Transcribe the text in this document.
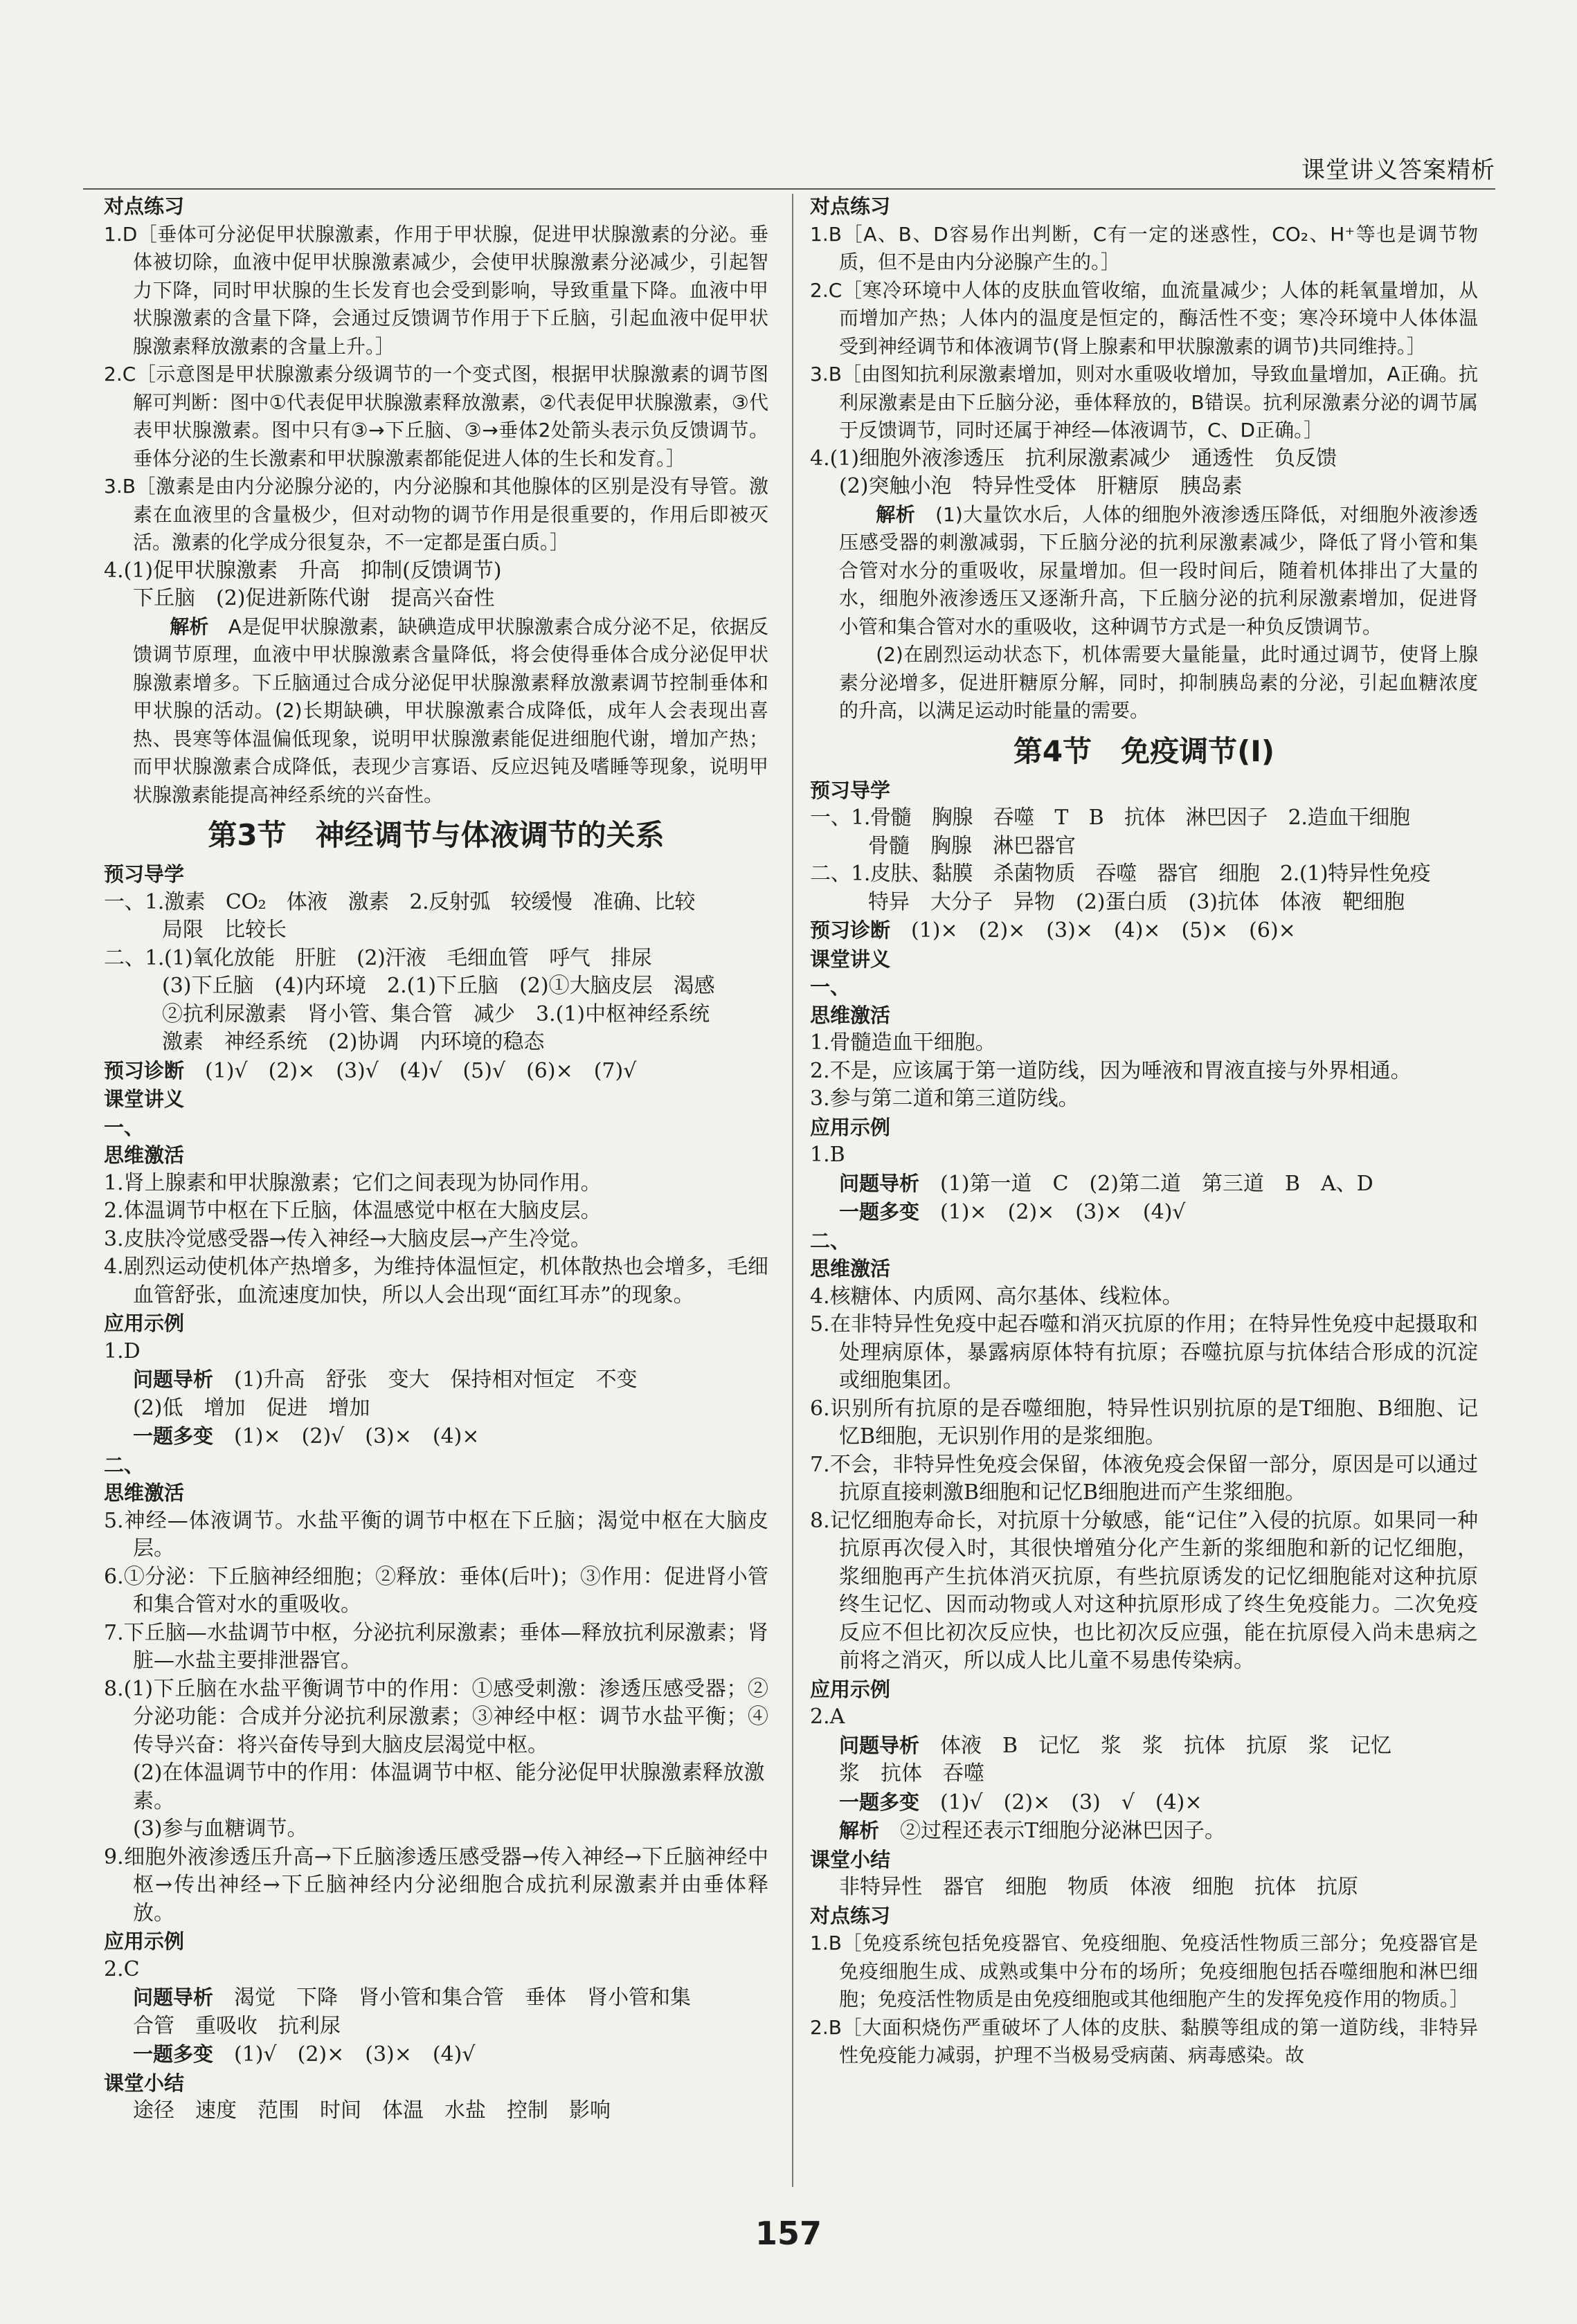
课堂讲义答案精析
对点练习
1.D［垂体可分泌促甲状腺激素，作用于甲状腺，促进甲状腺激素的分泌。垂体被切除，血液中促甲状腺激素减少，会使甲状腺激素分泌减少，引起智力下降，同时甲状腺的生长发育也会受到影响，导致重量下降。血液中甲状腺激素的含量下降，会通过反馈调节作用于下丘脑，引起血液中促甲状腺激素释放激素的含量上升。］
2.C［示意图是甲状腺激素分级调节的一个变式图，根据甲状腺激素的调节图解可判断：图中①代表促甲状腺激素释放激素，②代表促甲状腺激素，③代表甲状腺激素。图中只有③→下丘脑、③→垂体2处箭头表示负反馈调节。垂体分泌的生长激素和甲状腺激素都能促进人体的生长和发育。］
3.B［激素是由内分泌腺分泌的，内分泌腺和其他腺体的区别是没有导管。激素在血液里的含量极少，但对动物的调节作用是很重要的，作用后即被灭活。激素的化学成分很复杂，不一定都是蛋白质。］
4.(1)促甲状腺激素　升高　抑制(反馈调节)
下丘脑　(2)促进新陈代谢　提高兴奋性
解析　A是促甲状腺激素，缺碘造成甲状腺激素合成分泌不足，依据反馈调节原理，血液中甲状腺激素含量降低，将会使得垂体合成分泌促甲状腺激素增多。下丘脑通过合成分泌促甲状腺激素释放激素调节控制垂体和甲状腺的活动。(2)长期缺碘，甲状腺激素合成降低，成年人会表现出喜热、畏寒等体温偏低现象，说明甲状腺激素能促进细胞代谢，增加产热；而甲状腺激素合成降低，表现少言寡语、反应迟钝及嗜睡等现象，说明甲状腺激素能提高神经系统的兴奋性。
第3节　神经调节与体液调节的关系
预习导学
一、1.激素　CO₂　体液　激素　2.反射弧　较缓慢　准确、比较
局限　比较长
二、1.(1)氧化放能　肝脏　(2)汗液　毛细血管　呼气　排尿
(3)下丘脑　(4)内环境　2.(1)下丘脑　(2)①大脑皮层　渴感
②抗利尿激素　肾小管、集合管　减少　3.(1)中枢神经系统
激素　神经系统　(2)协调　内环境的稳态
预习诊断　(1)√　(2)×　(3)√　(4)√　(5)√　(6)×　(7)√
课堂讲义
一、
思维激活
1.肾上腺素和甲状腺激素；它们之间表现为协同作用。
2.体温调节中枢在下丘脑，体温感觉中枢在大脑皮层。
3.皮肤冷觉感受器→传入神经→大脑皮层→产生冷觉。
4.剧烈运动使机体产热增多，为维持体温恒定，机体散热也会增多，毛细血管舒张，血流速度加快，所以人会出现“面红耳赤”的现象。
应用示例
1.D
问题导析　(1)升高　舒张　变大　保持相对恒定　不变
(2)低　增加　促进　增加
一题多变　(1)×　(2)√　(3)×　(4)×
二、
思维激活
5.神经—体液调节。水盐平衡的调节中枢在下丘脑；渴觉中枢在大脑皮层。
6.①分泌：下丘脑神经细胞；②释放：垂体(后叶)；③作用：促进肾小管和集合管对水的重吸收。
7.下丘脑—水盐调节中枢，分泌抗利尿激素；垂体—释放抗利尿激素；肾脏—水盐主要排泄器官。
8.(1)下丘脑在水盐平衡调节中的作用：①感受刺激：渗透压感受器；②分泌功能：合成并分泌抗利尿激素；③神经中枢：调节水盐平衡；④传导兴奋：将兴奋传导到大脑皮层渴觉中枢。
(2)在体温调节中的作用：体温调节中枢、能分泌促甲状腺激素释放激素。
(3)参与血糖调节。
9.细胞外液渗透压升高→下丘脑渗透压感受器→传入神经→下丘脑神经中枢→传出神经→下丘脑神经内分泌细胞合成抗利尿激素并由垂体释放。
应用示例
2.C
问题导析　渴觉　下降　肾小管和集合管　垂体　肾小管和集
合管　重吸收　抗利尿
一题多变　(1)√　(2)×　(3)×　(4)√
课堂小结
途径　速度　范围　时间　体温　水盐　控制　影响
对点练习
1.B［A、B、D容易作出判断，C有一定的迷惑性，CO₂、H⁺等也是调节物质，但不是由内分泌腺产生的。］
2.C［寒冷环境中人体的皮肤血管收缩，血流量减少；人体的耗氧量增加，从而增加产热；人体内的温度是恒定的，酶活性不变；寒冷环境中人体体温受到神经调节和体液调节(肾上腺素和甲状腺激素的调节)共同维持。］
3.B［由图知抗利尿激素增加，则对水重吸收增加，导致血量增加，A正确。抗利尿激素是由下丘脑分泌，垂体释放的，B错误。抗利尿激素分泌的调节属于反馈调节，同时还属于神经—体液调节，C、D正确。］
4.(1)细胞外液渗透压　抗利尿激素减少　通透性　负反馈
(2)突触小泡　特异性受体　肝糖原　胰岛素
解析　(1)大量饮水后，人体的细胞外液渗透压降低，对细胞外液渗透压感受器的刺激减弱，下丘脑分泌的抗利尿激素减少，降低了肾小管和集合管对水分的重吸收，尿量增加。但一段时间后，随着机体排出了大量的水，细胞外液渗透压又逐渐升高，下丘脑分泌的抗利尿激素增加，促进肾小管和集合管对水的重吸收，这种调节方式是一种负反馈调节。
(2)在剧烈运动状态下，机体需要大量能量，此时通过调节，使肾上腺素分泌增多，促进肝糖原分解，同时，抑制胰岛素的分泌，引起血糖浓度的升高，以满足运动时能量的需要。
第4节　免疫调节(Ⅰ)
预习导学
一、1.骨髓　胸腺　吞噬　T　B　抗体　淋巴因子　2.造血干细胞
骨髓　胸腺　淋巴器官
二、1.皮肤、黏膜　杀菌物质　吞噬　器官　细胞　2.(1)特异性免疫
特异　大分子　异物　(2)蛋白质　(3)抗体　体液　靶细胞
预习诊断　(1)×　(2)×　(3)×　(4)×　(5)×　(6)×
课堂讲义
一、
思维激活
1.骨髓造血干细胞。
2.不是，应该属于第一道防线，因为唾液和胃液直接与外界相通。
3.参与第二道和第三道防线。
应用示例
1.B
问题导析　(1)第一道　C　(2)第二道　第三道　B　A、D
一题多变　(1)×　(2)×　(3)×　(4)√
二、
思维激活
4.核糖体、内质网、高尔基体、线粒体。
5.在非特异性免疫中起吞噬和消灭抗原的作用；在特异性免疫中起摄取和处理病原体，暴露病原体特有抗原；吞噬抗原与抗体结合形成的沉淀或细胞集团。
6.识别所有抗原的是吞噬细胞，特异性识别抗原的是T细胞、B细胞、记忆B细胞，无识别作用的是浆细胞。
7.不会，非特异性免疫会保留，体液免疫会保留一部分，原因是可以通过抗原直接刺激B细胞和记忆B细胞进而产生浆细胞。
8.记忆细胞寿命长，对抗原十分敏感，能“记住”入侵的抗原。如果同一种抗原再次侵入时，其很快增殖分化产生新的浆细胞和新的记忆细胞，浆细胞再产生抗体消灭抗原，有些抗原诱发的记忆细胞能对这种抗原终生记忆、因而动物或人对这种抗原形成了终生免疫能力。二次免疫反应不但比初次反应快，也比初次反应强，能在抗原侵入尚未患病之前将之消灭，所以成人比儿童不易患传染病。
应用示例
2.A
问题导析　体液　B　记忆　浆　浆　抗体　抗原　浆　记忆
浆　抗体　吞噬
一题多变　(1)√　(2)×　(3)　√　(4)×
解析　②过程还表示T细胞分泌淋巴因子。
课堂小结
非特异性　器官　细胞　物质　体液　细胞　抗体　抗原
对点练习
1.B［免疫系统包括免疫器官、免疫细胞、免疫活性物质三部分；免疫器官是免疫细胞生成、成熟或集中分布的场所；免疫细胞包括吞噬细胞和淋巴细胞；免疫活性物质是由免疫细胞或其他细胞产生的发挥免疫作用的物质。］
2.B［大面积烧伤严重破坏了人体的皮肤、黏膜等组成的第一道防线，非特异性免疫能力减弱，护理不当极易受病菌、病毒感染。故
157
